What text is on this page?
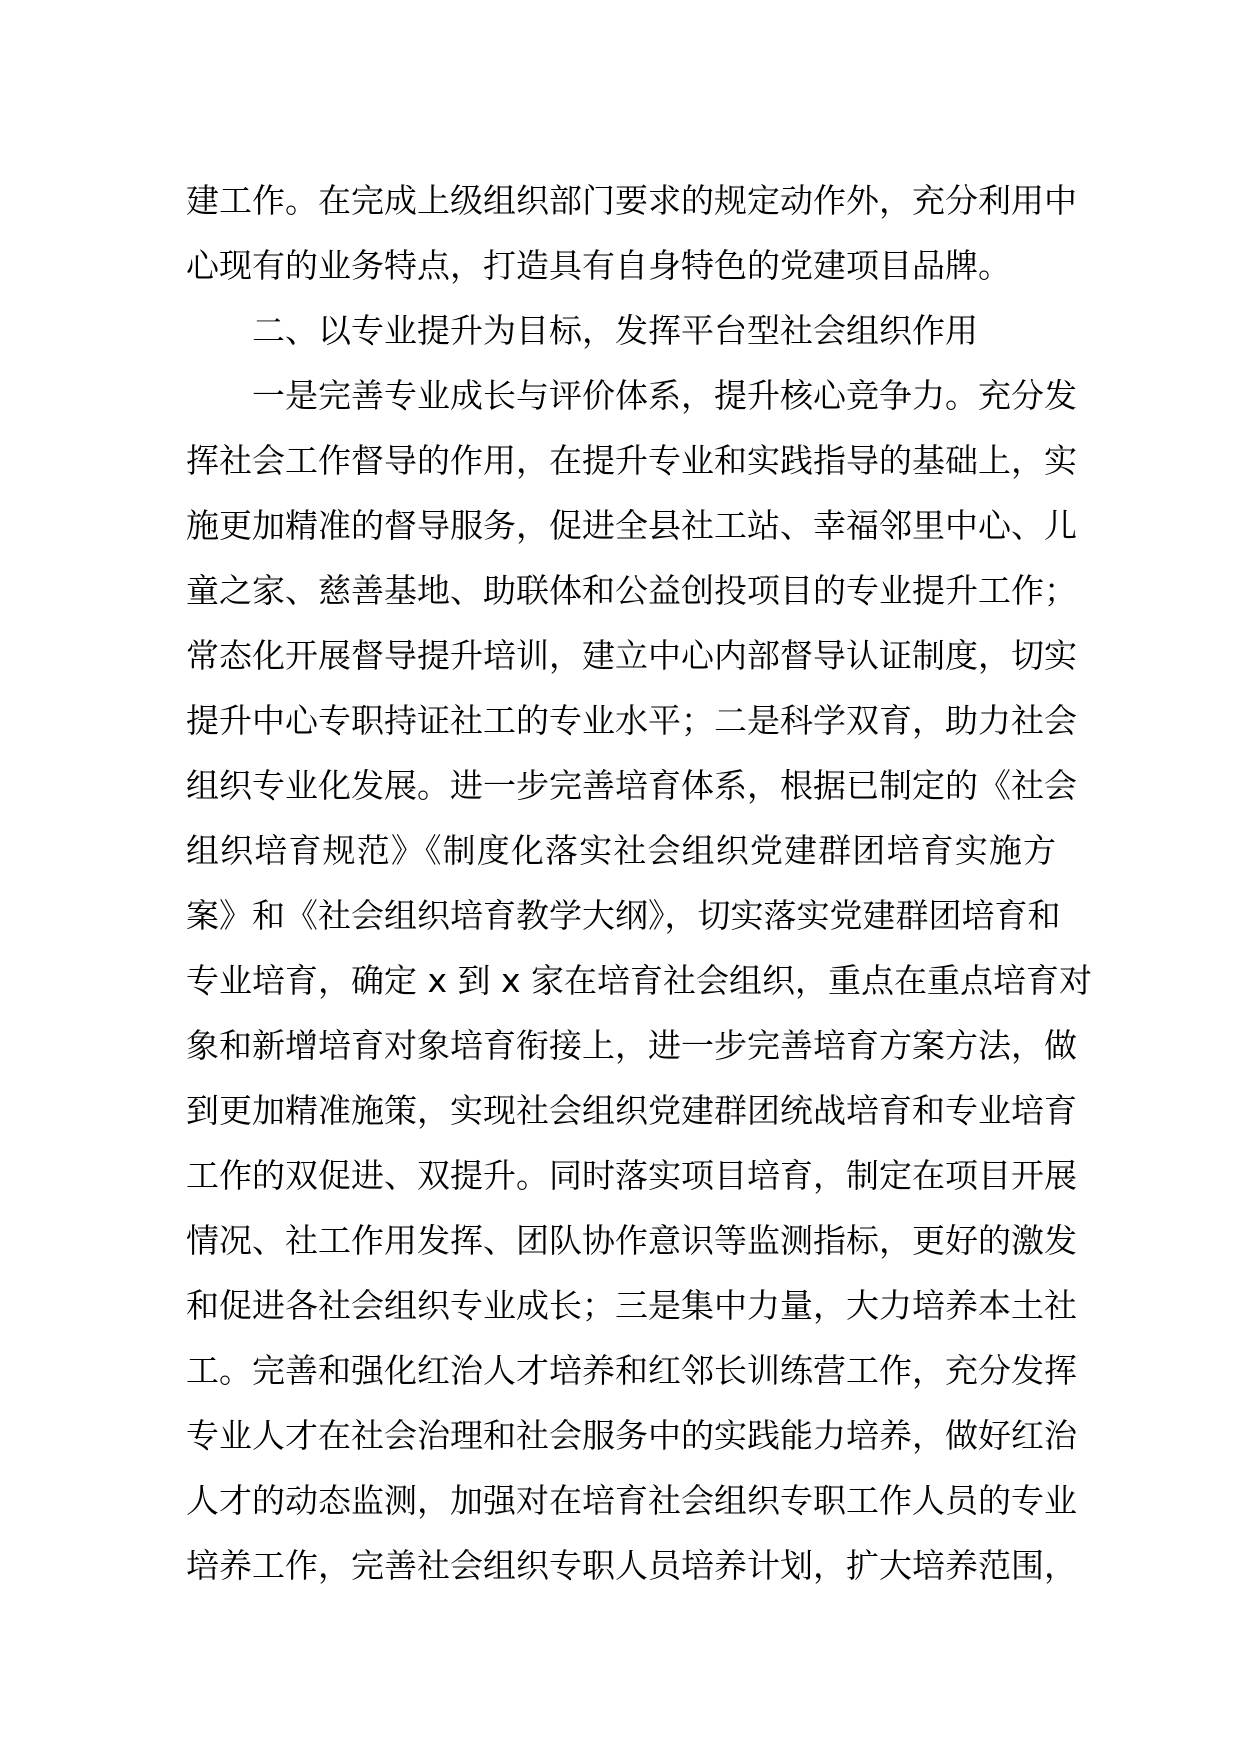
建工作。在完成上级组织部门要求的规定动作外，充分利用中
心现有的业务特点，打造具有自身特色的党建项目品牌。
二、以专业提升为目标，发挥平台型社会组织作用
一是完善专业成长与评价体系，提升核心竞争力。充分发
挥社会工作督导的作用，在提升专业和实践指导的基础上，实
施更加精准的督导服务，促进全县社工站、幸福邻里中心、儿
童之家、慈善基地、助联体和公益创投项目的专业提升工作；
常态化开展督导提升培训，建立中心内部督导认证制度，切实
提升中心专职持证社工的专业水平；二是科学双育，助力社会
组织专业化发展。进一步完善培育体系，根据已制定的《社会
组织培育规范》《制度化落实社会组织党建群团培育实施方
案》和《社会组织培育教学大纲》，切实落实党建群团培育和
专业培育，确定 x 到 x 家在培育社会组织，重点在重点培育对
象和新增培育对象培育衔接上，进一步完善培育方案方法，做
到更加精准施策，实现社会组织党建群团统战培育和专业培育
工作的双促进、双提升。同时落实项目培育，制定在项目开展
情况、社工作用发挥、团队协作意识等监测指标，更好的激发
和促进各社会组织专业成长；三是集中力量，大力培养本土社
工。完善和强化红治人才培养和红邻长训练营工作，充分发挥
专业人才在社会治理和社会服务中的实践能力培养，做好红治
人才的动态监测，加强对在培育社会组织专职工作人员的专业
培养工作，完善社会组织专职人员培养计划，扩大培养范围，
